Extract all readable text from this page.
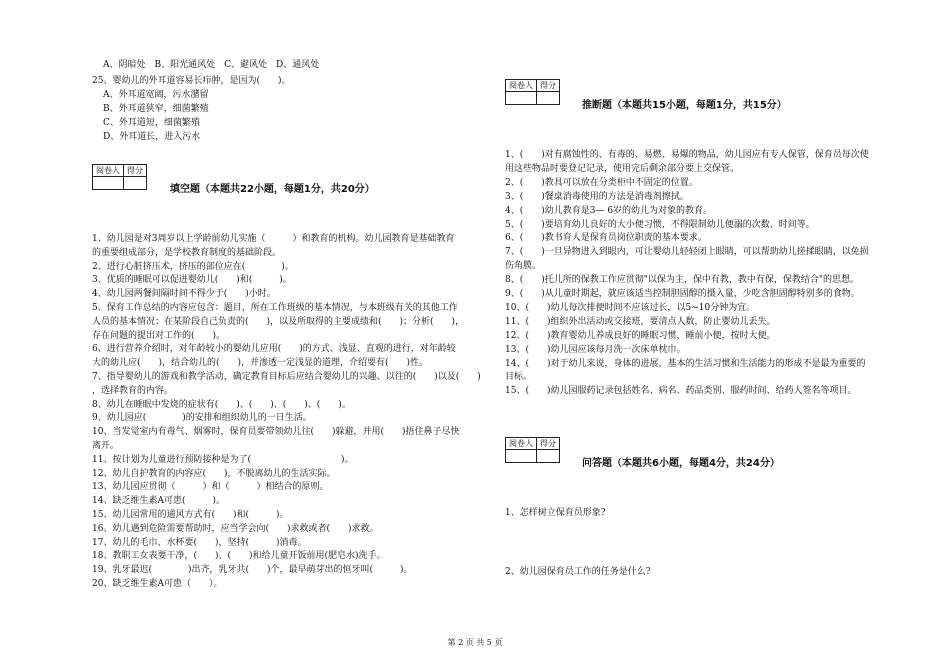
A、阴暗处　B、阳光通风处　C、避风处　D、通风处
25、婴幼儿的外耳道容易长疖肿，是因为(　　)。
A、外耳道宽阔，污水潴留
B、外耳道狭窄，细菌繁殖
C、外耳道短，细菌繁殖
D、外耳道长，进入污水
阅卷人	得分

填空题（本题共22小题，每题1分，共20分）
1、幼儿园是对3周岁以上学龄前幼儿实施（　　　）和教育的机构。幼儿园教育是基础教育
的重要组成部分，是学校教育制度的基础阶段。
2、进行心脏挤压术，挤压的部位应在(　　　　)。
3、优质的睡眠可以促进婴幼儿(　　)和(　　　)。
4、幼儿园两餐间隔时间不得少于(　　)小时。
5、保育工作总结的内容应包含：题目，所在工作班级的基本情况，与本班级有关的其他工作
人员的基本情况；在某阶段自己负责的(　　)，以及所取得的主要成绩和(　　)；分析(　　)，
存在问题的提出对工作的(　　)。
6、进行营养介绍时，对年龄较小的婴幼儿应用(　　)的方式、浅显、直观的进行，对年龄较
大的幼儿应(　　)，结合幼儿的(　　)，并渗透一定浅显的道理，介绍要有(　　)性。
7、指导婴幼儿的游戏和教学活动，确定教育目标后应结合婴幼儿的兴趣、以往的(　　)以及(　　)
，选择教育的内容。
8、幼儿在睡眠中发烧的症状有(　　)、(　　)、(　　)、(　　)。
9、幼儿园应(　　　　)的安排和组织幼儿的一日生活。
10、当发觉室内有毒气、烟雾时，保育员要带领幼儿往(　　)躲避，并用(　　)捂住鼻子尽快
离开。
11、按计划为儿童进行预防接种是为了(　　　　　　　　　　)。
12、幼儿自护教育的内容应(　　)，不脱离幼儿的生活实际。
13、幼儿园应贯彻（　　　）和（　　　）相结合的原则。
14、缺乏维生素A可患(　　　)。
15、幼儿园常用的通风方式有(　　)和(　　　)。
16、幼儿遇到危险需要帮助时，应当学会向(　　)求救或者(　　)求救。
17、幼儿的毛巾、水杯要(　　)，坚持(　　　)消毒。
18、教职工女表要干净，(　　)、(　　)和给儿童开饭前用(肥皂水)洗手。
19、乳牙最迟(　　　　)出齐，乳牙共(　　)个，最早萌芽出的恒牙叫(　　　)。
20、缺乏维生素A可患（　　）。
阅卷人	得分

推断题（本题共15小题，每题1分，共15分）
1、(　　)对有腐蚀性的、有毒的、易燃、易爆的物品，幼儿园应有专人保管，保育员每次使
用这些物品时要登记记录，使用完后剩余部分要上交保管。
2、(　　)教具可以放在分类柜中不固定的位置。
3、(　　)餐桌消毒使用的方法是消毒剂擦拭。
4、(　　)幼儿教育是3— 6岁的幼儿为对象的教育。
5、(　　)要培育幼儿良好的大小便习惯，不得限制幼儿便溺的次数、时间等。
6、(　　)教书育人是保育员岗位职责的基本要求。
7、(　　)一旦异物进入到眼内，可让婴幼儿轻轻闭上眼睛，可以帮助幼儿搓揉眼睛，以免损
伤角膜。
8、(　　)托儿所的保教工作应贯彻"以保为主，保中有教，教中有保，保教结合"的思想。
9、(　　)从儿童时期起，就应该适当控制胆固醇的摄入量，少吃含胆固醇特别多的食物。
10、(　　)幼儿每次排便时间不应该过长，以5~10分钟为宜。
11、(　　)组织外出活动或交接班，要清点人数，防止婴幼儿丢失。
12、(　　)教育婴幼儿养成良好的睡眠习惯，睡前小便，按时大便。
13、(　　)幼儿园应该每月洗一次床单枕巾。
14、(　　)对于幼儿来说，身体的进展，基本的生活习惯和生活能力的形成不是最为重要的
目标。
15、(　　)幼儿园服药记录包括姓名、病名、药品类别、服药时间、给药人签名等项目。
阅卷人	得分

问答题（本题共6小题，每题4分，共24分）
1、怎样树立保育员形象?
2、幼儿园保育员工作的任务是什么?
第 2 页 共 5 页
